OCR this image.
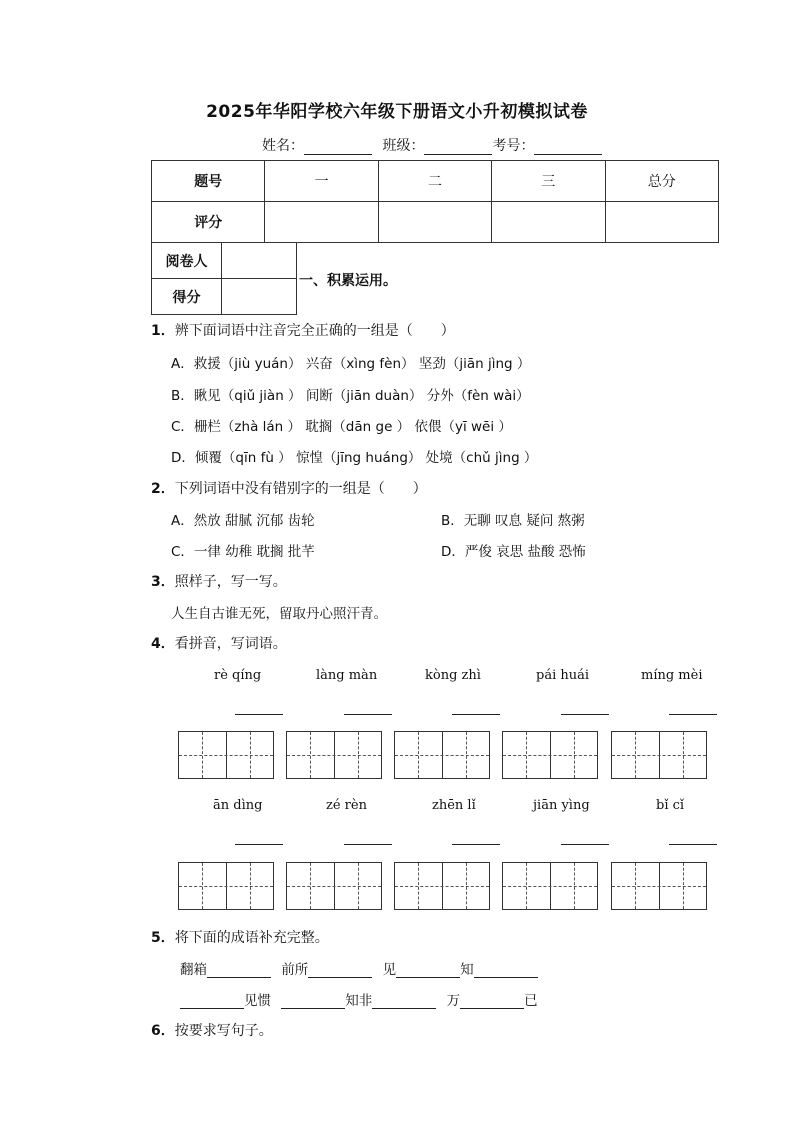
2025年华阳学校六年级下册语文小升初模拟试卷
姓名：	班级：	考号：
题号	一	二	三	总分
评分				
阅卷人	
得分	
一、积累运用。
1．辨下面词语中注音完全正确的一组是（　　）
A．救援（jiù yuán） 兴奋（xìng fèn） 坚劲（jiān jìng ）
B．瞅见（qiǔ jiàn ） 间断（jiān duàn） 分外（fèn wài）
C．栅栏（zhà lán ） 耽搁（dān ge ） 依偎（yī wēi ）
D．倾覆（qīn fù ） 惊惶（jīng huáng） 处境（chǔ jìng ）
2．下列词语中没有错别字的一组是（　　）
A．然放 甜腻 沉郁 齿轮	B．无聊 叹息 疑问 熬粥
C．一律 幼稚 耽搁 批芊	D．严俊 哀思 盐酸 恐怖
3．照样子，写一写。
人生自古谁无死，留取丹心照汗青。
4．看拼音，写词语。
rè qíng	làng màn	kòng zhì	pái huái	míng mèi
ān dìng	zé rèn	zhēn lǐ	jiān yìng	bǐ cǐ
5．将下面的成语补充完整。
翻箱	前所	见	知
见惯	知非	万	已
6．按要求写句子。
